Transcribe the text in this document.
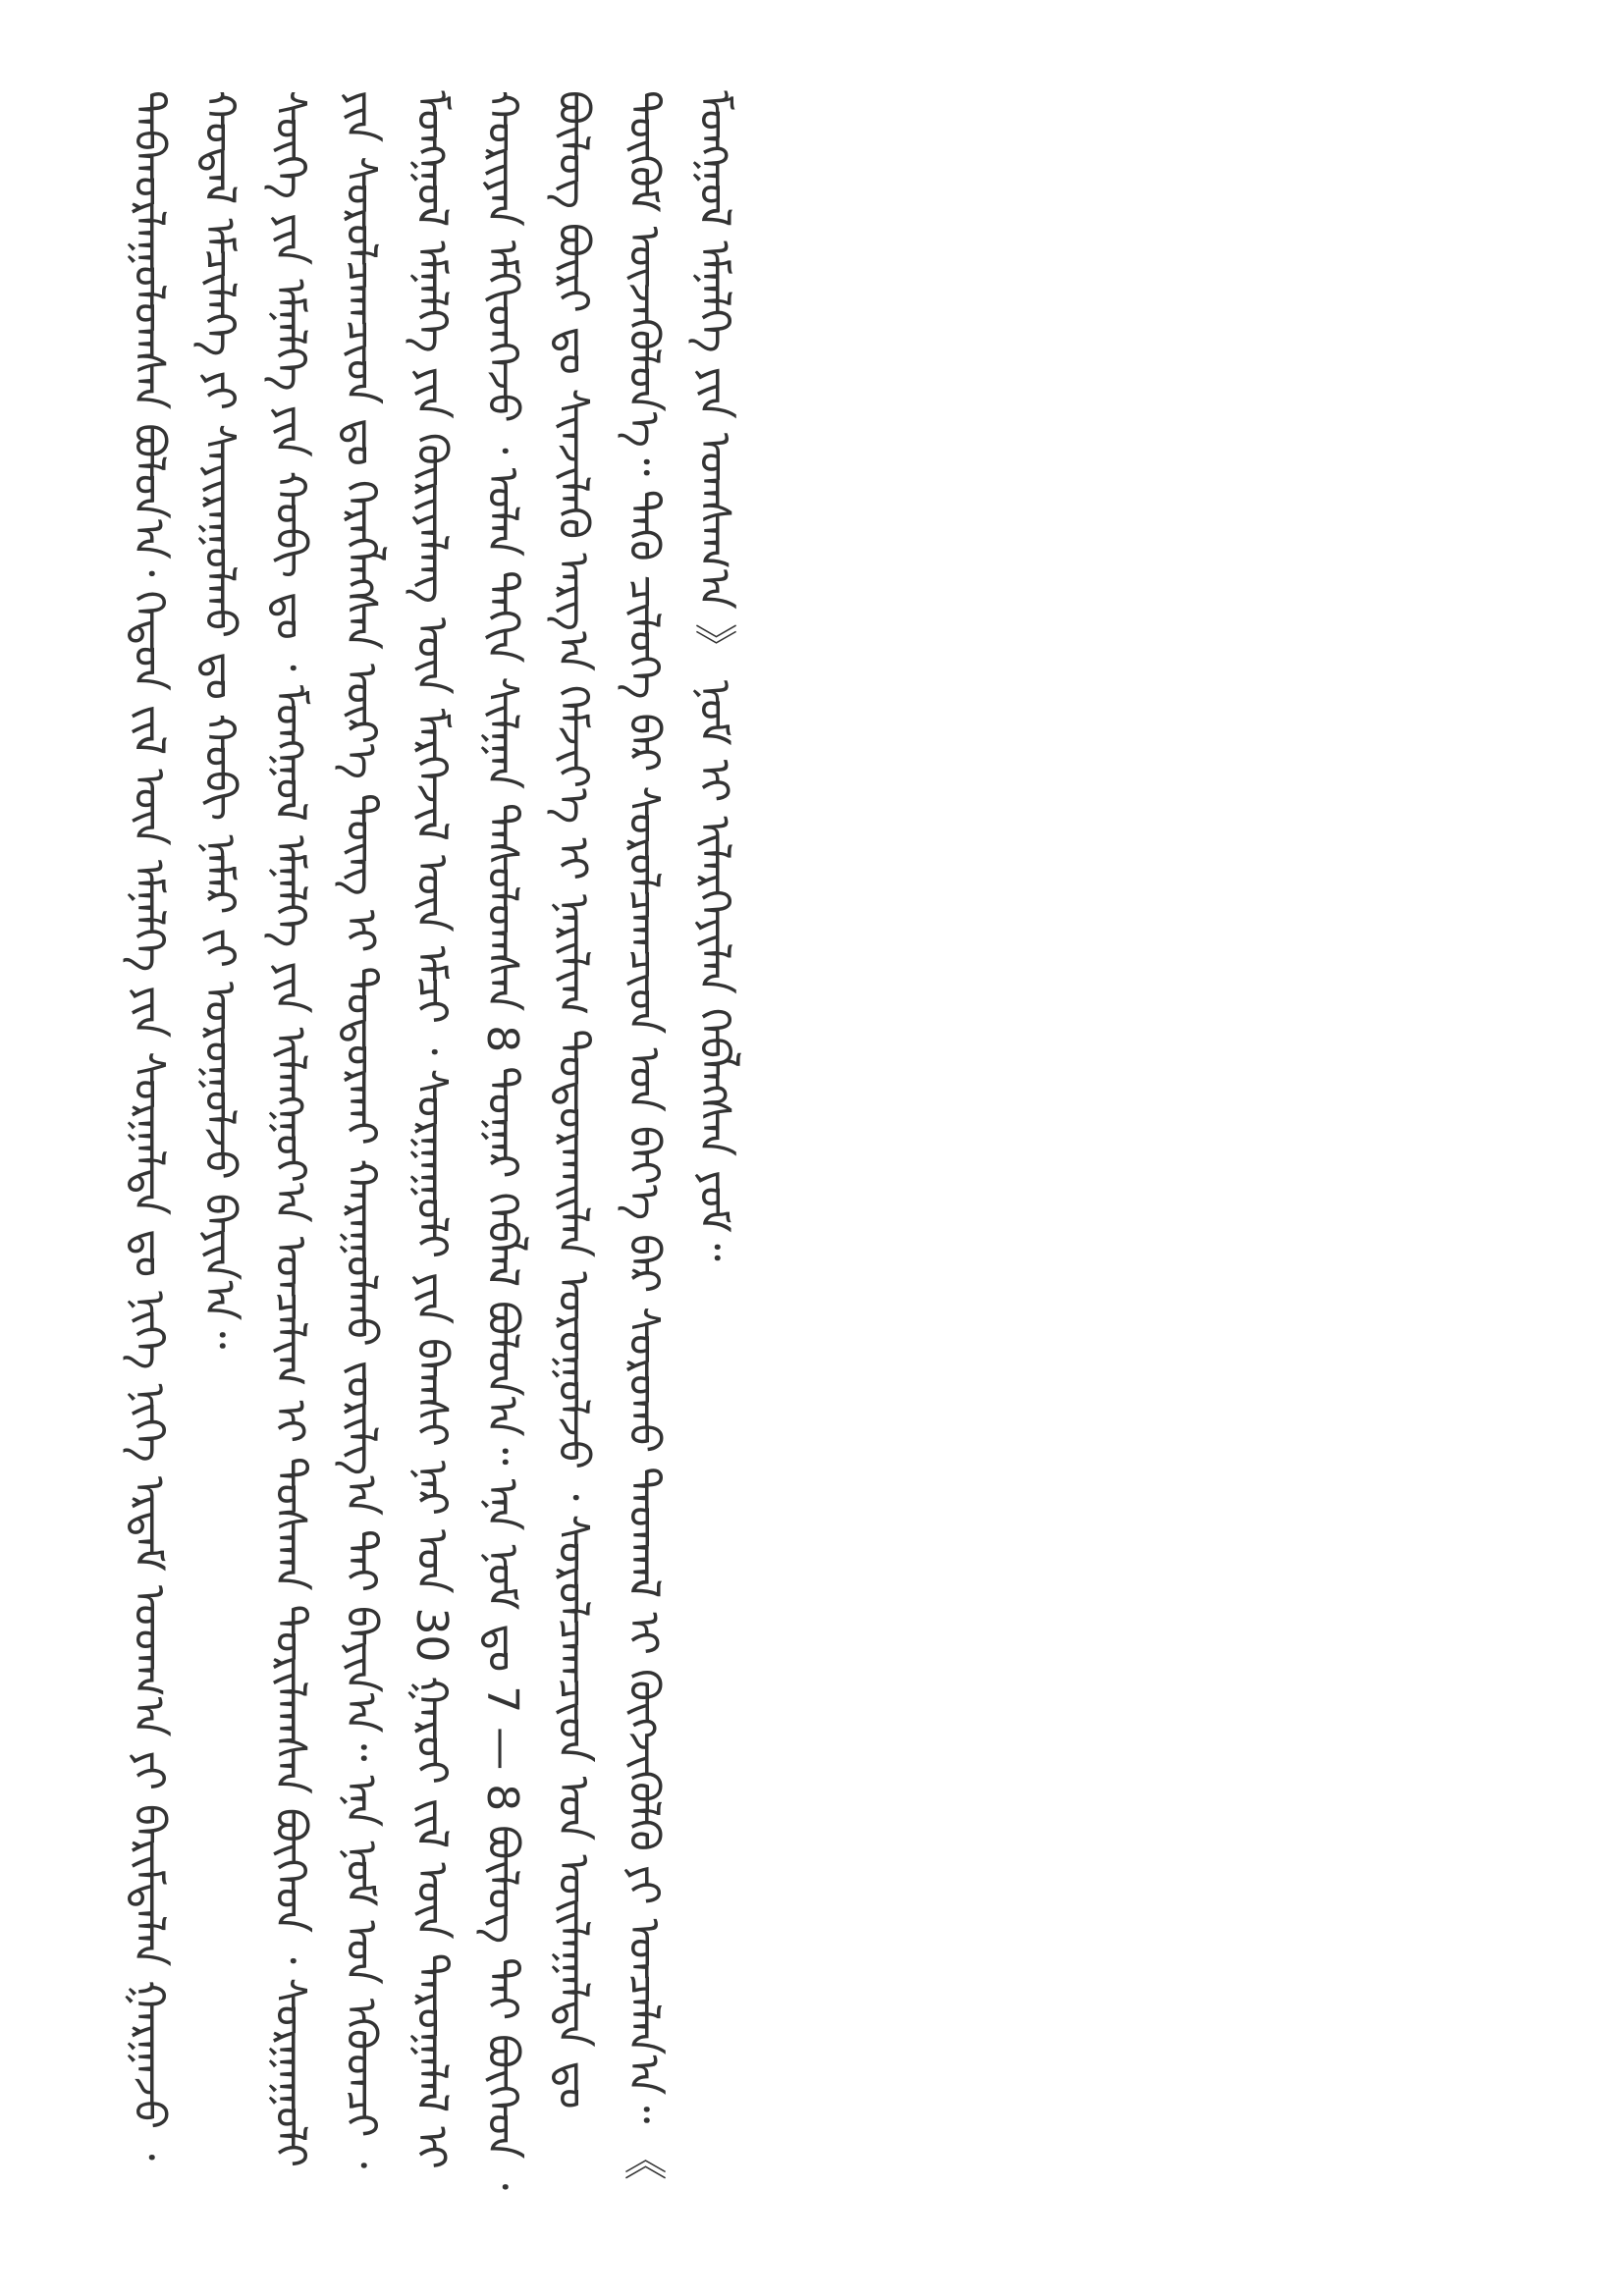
ᠳᠠᠪᠬᠤᠷᠯᠠᠭᠤᠯᠤᠭᠰᠠᠨ ᠪᠣᠯᠤᠨ᠎ᠠ᠂ ᠬᠡᠳᠦᠨ ᠵᠢᠯ ᠦᠨ ᠡᠮᠨᠡᠯᠭᠡ ᠶᠢᠨ ᠰᠤᠷᠭᠠᠯᠲᠠ ᠳᠤ ᠨᠢᠭᠡ ᠨᠢᠭᠡ ᠡᠷᠳᠡᠮ ᠤᠳᠬ᠎ᠠ ᠶᠢ ᠪᠠᠷᠢᠮᠲᠠᠯᠠᠨ ᠭᠠᠷᠭᠠᠵᠤ ᠂ ᠬᠤᠳᠠᠯ ᠡᠮᠴᠢᠯᠡᠭᠡ ᠶᠢ ᠰᠠᠶᠢᠷᠠᠭᠤᠯᠬᠤ ᠳᠤ ᠬᠤᠪᠢ ᠨᠡᠮᠡᠷ ᠵᠢ ᠣᠷᠤᠭᠤᠯᠵᠤ ᠪᠠᠶᠢᠨ᠎ᠠ᠃ ᠰᠦᠬᠡ ᠶᠢᠨ ᠡᠮᠨᠡᠯᠭᠡ ᠶᠢᠨ ᠬᠤᠪᠢ ᠳᠤ ᠂ ᠮᠣᠩᠭᠣᠯ ᠡᠮᠨᠡᠯᠭᠡ ᠶᠢᠨ ᠢᠯᠠᠩᠭᠤᠶ᠎ᠠ ᠣᠨᠴᠠᠯᠢᠭ ᠢ ᠲᠤᠰᠬᠠᠨ ᠳᠤᠷᠢᠯᠠᠭᠰᠠᠨ ᠪᠥᠭᠡᠳ ᠂ ᠰᠤᠷᠭᠠᠭᠤᠯᠢ ᠶᠢᠨ ᠰᠤᠷᠤᠯᠴᠠᠭᠴᠢᠳ ᠳᠤ ᠬᠡᠷᠡᠭᠯᠡᠭᠰᠡᠨ ᠦᠷ᠎ᠡ ᠳᠦᠩ ᠢ ᠲᠣᠳᠤᠷᠬᠠᠢ ᠬᠠᠷᠠᠭᠤᠯᠬᠤ ᠵᠤᠷᠢᠯᠭ᠎ᠠ ᠲᠠᠢ ᠪᠠᠶᠢᠨ᠎ᠠ᠃ ᠡᠨᠡ ᠨᠣᠮ ᠤᠨ ᠡᠭᠦᠳᠴᠢ ᠂ ᠮᠣᠩᠭᠣᠯ ᠡᠮᠨᠡᠯᠭᠡ ᠶᠢᠨ ᠬᠦᠷᠢᠶᠡᠯᠡᠩ ᠦᠨ ᠮᠡᠷᠭᠡᠵᠢᠯ ᠦᠨ ᠡᠮᠴᠢ ᠂ ᠰᠤᠷᠭᠠᠭᠤᠯᠢ ᠶᠢᠨ ᠪᠠᠭᠰᠢ ᠨᠠᠷ ᠤᠨ 30 ᠭᠠᠷᠤᠢ ᠵᠢᠯ ᠦᠨ ᠳᠠᠷᠤᠭᠠᠯᠠᠯ ᠢ ᠬᠤᠷᠢᠶᠠᠨ ᠡᠮᠬᠢᠳᠬᠡᠵᠦ ᠂ ᠣᠯᠠᠨ ᠳᠠᠬᠢᠨ ᠰᠢᠯᠭᠠᠨ ᠲᠠᠰᠤᠯᠤᠭᠰᠠᠨ 8 ᠳᠤᠭᠠᠷ ᠬᠡᠪᠯᠡᠯ ᠪᠣᠯᠤᠨ᠎ᠠ᠃ ᠡᠨᠡ ᠨᠣᠮ ᠳᠤ 7 — 8 ᠪᠦᠯᠦᠭ ᠲᠠᠢ ᠪᠥᠭᠡᠳ ᠂ ᠪᠦᠯᠦᠭ ᠪᠦᠷᠢ ᠳᠤ ᠰᠢᠨᠵᠢᠯᠡᠬᠦ ᠠᠷᠭ᠎ᠠ ᠬᠡᠮᠵᠢᠶ᠎ᠡ ᠢ ᠨᠠᠷᠢᠯᠢᠭ ᠲᠣᠳᠣᠷᠬᠠᠢᠯᠠᠨ ᠣᠷᠤᠭᠤᠯᠵᠤ ᠂ ᠰᠤᠷᠤᠯᠴᠠᠭᠴᠢᠳ ᠤᠨ ᠣᠢᠯᠠᠭᠠᠯᠲᠠ ᠳᠤ ᠳᠥᠭᠥᠮ ᠦᠵᠡᠭᠦᠯᠦᠨ᠎ᠡ᠃ ᠲᠡᠬᠦ ᠴᠢᠯᠦᠭᠡ ᠪᠡᠷ ᠰᠤᠷᠤᠯᠴᠠᠭᠴᠢᠳ ᠤᠨ ᠪᠡᠶ᠎ᠡ ᠪᠡᠷ ᠰᠤᠷᠤᠬᠤ ᠳᠠᠳᠬᠠᠯ ᠢ ᠬᠥᠭᠵᠢᠭᠦᠯᠬᠦ ᠶᠢ ᠣᠨᠴᠠᠯᠠᠨ᠎ᠠ᠃ 《 ᠮᠣᠩᠭᠣᠯ ᠡᠮᠨᠡᠯᠭᠡ ᠶᠢᠨ ᠤᠭᠰᠠᠭ᠎ᠠ 》 ᠨᠣᠮ ᠢ ᠢᠯᠡᠷᠬᠡᠶᠢᠯᠡᠨ ᠬᠡᠪᠯᠡᠭᠰᠡᠨ ᠶᠤᠮ᠃
